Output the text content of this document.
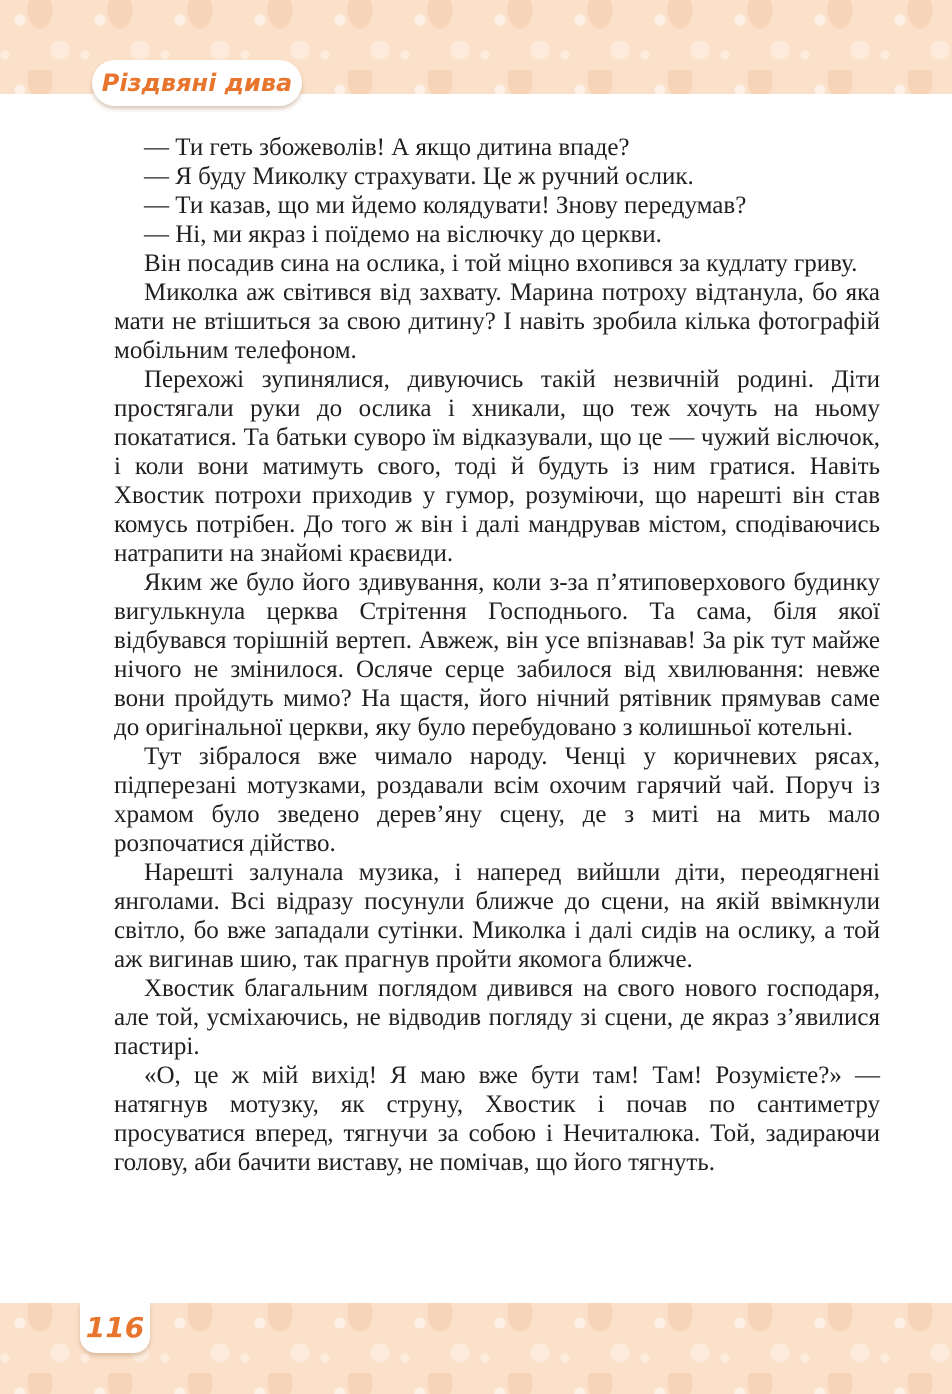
Різдвяні дива

— Ти геть збожеволів! А якщо дитина впаде?

— Я буду Миколку страхувати. Це ж ручний ослик.

— Ти казав, що ми йдемо колядувати! Знову передумав?

— Ні, ми якраз і поїдемо на віслючку до церкви.

Він посадив сина на ослика, і той міцно вхопився за кудлату гриву.

Миколка аж світився від захвату. Марина потроху відтанула, бо яка мати не втішиться за свою дитину? І навіть зробила кілька фотографій мобільним телефоном.

Перехожі зупинялися, дивуючись такій незвичній родині. Діти простягали руки до ослика і хникали, що теж хочуть на ньому покататися. Та батьки суворо їм відказували, що це — чужий віслючок, і коли вони матимуть свого, тоді й будуть із ним гратися. Навіть Хвостик потрохи приходив у гумор, розуміючи, що нарешті він став комусь потрібен. До того ж він і далі мандрував містом, сподіваючись натрапити на знайомі краєвиди.

Яким же було його здивування, коли з-за п’ятиповерхового будинку вигулькнула церква Стрітення Господнього. Та сама, біля якої відбувався торішній вертеп. Авжеж, він усе впізнавав! За рік тут майже нічого не змінилося. Осляче серце забилося від хвилювання: невже вони пройдуть мимо? На щастя, його нічний рятівник прямував саме до оригінальної церкви, яку було перебудовано з колишньої котельні.

Тут зібралося вже чимало народу. Ченці у коричневих рясах, підперезані мотузками, роздавали всім охочим гарячий чай. Поруч із храмом було зведено дерев’яну сцену, де з миті на мить мало розпочатися дійство.

Нарешті залунала музика, і наперед вийшли діти, переодягнені янголами. Всі відразу посунули ближче до сцени, на якій ввімкнули світло, бо вже западали сутінки. Миколка і далі сидів на ослику, а той аж вигинав шию, так прагнув пройти якомога ближче.

Хвостик благальним поглядом дивився на свого нового господаря, але той, усміхаючись, не відводив погляду зі сцени, де якраз з’явилися пастирі.

«О, це ж мій вихід! Я маю вже бути там! Там! Розумієте?» — натягнув мотузку, як струну, Хвостик і почав по сантиметру просуватися вперед, тягнучи за собою і Нечиталюка. Той, задираючи голову, аби бачити виставу, не помічав, що його тягнуть.

116
